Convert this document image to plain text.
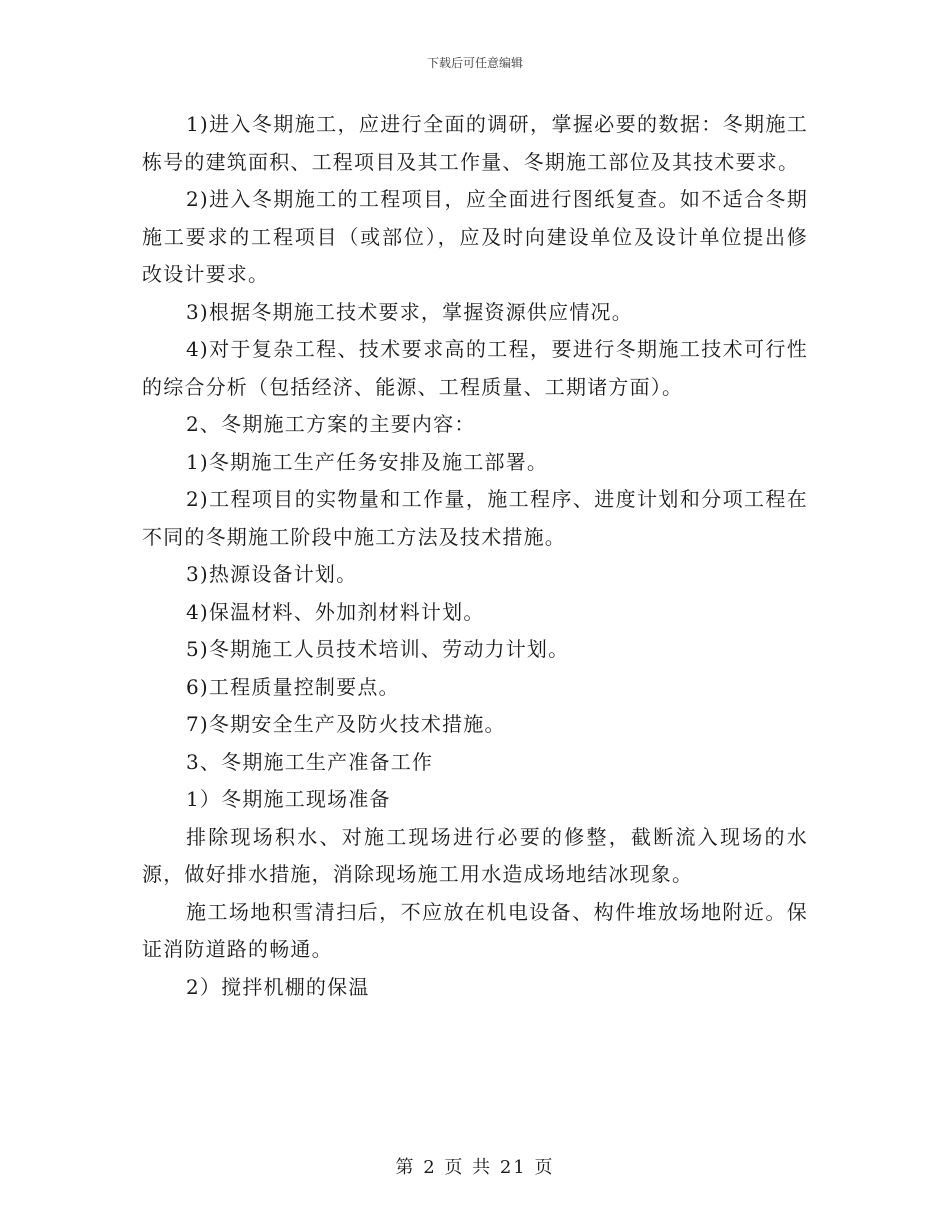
下载后可任意编辑

1)进入冬期施工，应进行全面的调研，掌握必要的数据：冬期施工栋号的建筑面积、工程项目及其工作量、冬期施工部位及其技术要求。

2)进入冬期施工的工程项目，应全面进行图纸复查。如不适合冬期施工要求的工程项目（或部位），应及时向建设单位及设计单位提出修改设计要求。

3)根据冬期施工技术要求，掌握资源供应情况。

4)对于复杂工程、技术要求高的工程，要进行冬期施工技术可行性的综合分析（包括经济、能源、工程质量、工期诸方面）。

2、冬期施工方案的主要内容：

1)冬期施工生产任务安排及施工部署。

2)工程项目的实物量和工作量，施工程序、进度计划和分项工程在不同的冬期施工阶段中施工方法及技术措施。

3)热源设备计划。

4)保温材料、外加剂材料计划。

5)冬期施工人员技术培训、劳动力计划。

6)工程质量控制要点。

7)冬期安全生产及防火技术措施。

3、冬期施工生产准备工作

1）冬期施工现场准备

排除现场积水、对施工现场进行必要的修整，截断流入现场的水源，做好排水措施，消除现场施工用水造成场地结冰现象。

施工场地积雪清扫后，不应放在机电设备、构件堆放场地附近。保证消防道路的畅通。

2）搅拌机棚的保温

第 2 页 共 21 页
